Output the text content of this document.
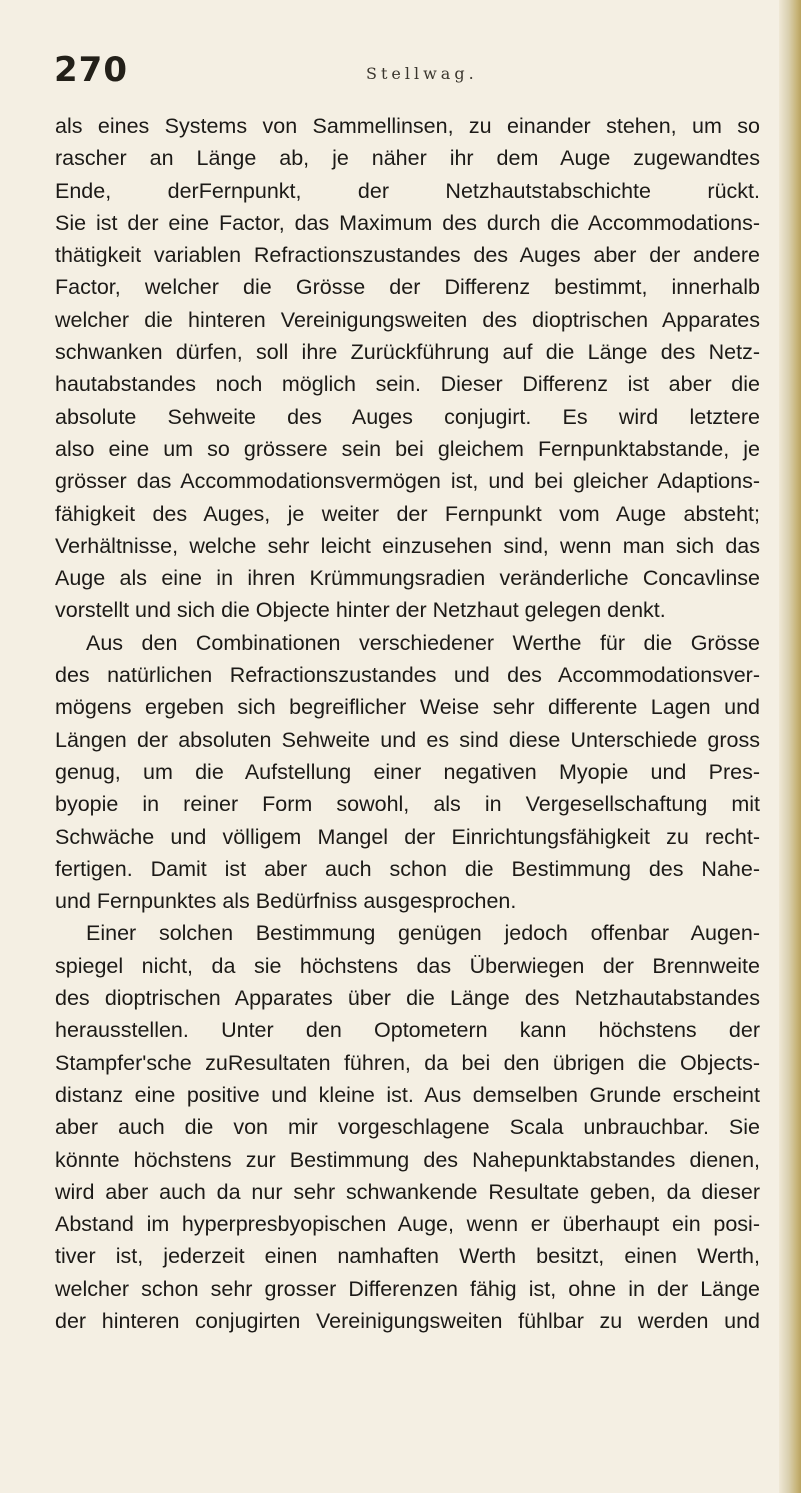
270	Stellwag.
als eines Systems von Sammellinsen, zu einander stehen, um so
rascher an Länge ab, je näher ihr dem Auge zugewandtes
Ende, derFernpunkt, der Netzhautstabschichte rückt.
Sie ist der eine Factor, das Maximum des durch die Accommodations-
thätigkeit variablen Refractionszustandes des Auges aber der andere
Factor, welcher die Grösse der Differenz bestimmt, innerhalb
welcher die hinteren Vereinigungsweiten des dioptrischen Apparates
schwanken dürfen, soll ihre Zurückführung auf die Länge des Netz-
hautabstandes noch möglich sein. Dieser Differenz ist aber die
absolute Sehweite des Auges conjugirt. Es wird letztere
also eine um so grössere sein bei gleichem Fernpunktabstande, je
grösser das Accommodationsvermögen ist, und bei gleicher Adaptions-
fähigkeit des Auges, je weiter der Fernpunkt vom Auge absteht;
Verhältnisse, welche sehr leicht einzusehen sind, wenn man sich das
Auge als eine in ihren Krümmungsradien veränderliche Concavlinse
vorstellt und sich die Objecte hinter der Netzhaut gelegen denkt.
Aus den Combinationen verschiedener Werthe für die Grösse
des natürlichen Refractionszustandes und des Accommodationsver-
mögens ergeben sich begreiflicher Weise sehr differente Lagen und
Längen der absoluten Sehweite und es sind diese Unterschiede gross
genug, um die Aufstellung einer negativen Myopie und Pres-
byopie in reiner Form sowohl, als in Vergesellschaftung mit
Schwäche und völligem Mangel der Einrichtungsfähigkeit zu recht-
fertigen. Damit ist aber auch schon die Bestimmung des Nahe-
und Fernpunktes als Bedürfniss ausgesprochen.
Einer solchen Bestimmung genügen jedoch offenbar Augen-
spiegel nicht, da sie höchstens das Überwiegen der Brennweite
des dioptrischen Apparates über die Länge des Netzhautabstandes
herausstellen. Unter den Optometern kann höchstens der
Stampfer'sche zuResultaten führen, da bei den übrigen die Objects-
distanz eine positive und kleine ist. Aus demselben Grunde erscheint
aber auch die von mir vorgeschlagene Scala unbrauchbar. Sie
könnte höchstens zur Bestimmung des Nahepunktabstandes dienen,
wird aber auch da nur sehr schwankende Resultate geben, da dieser
Abstand im hyperpresbyopischen Auge, wenn er überhaupt ein posi-
tiver ist, jederzeit einen namhaften Werth besitzt, einen Werth,
welcher schon sehr grosser Differenzen fähig ist, ohne in der Länge
der hinteren conjugirten Vereinigungsweiten fühlbar zu werden und
